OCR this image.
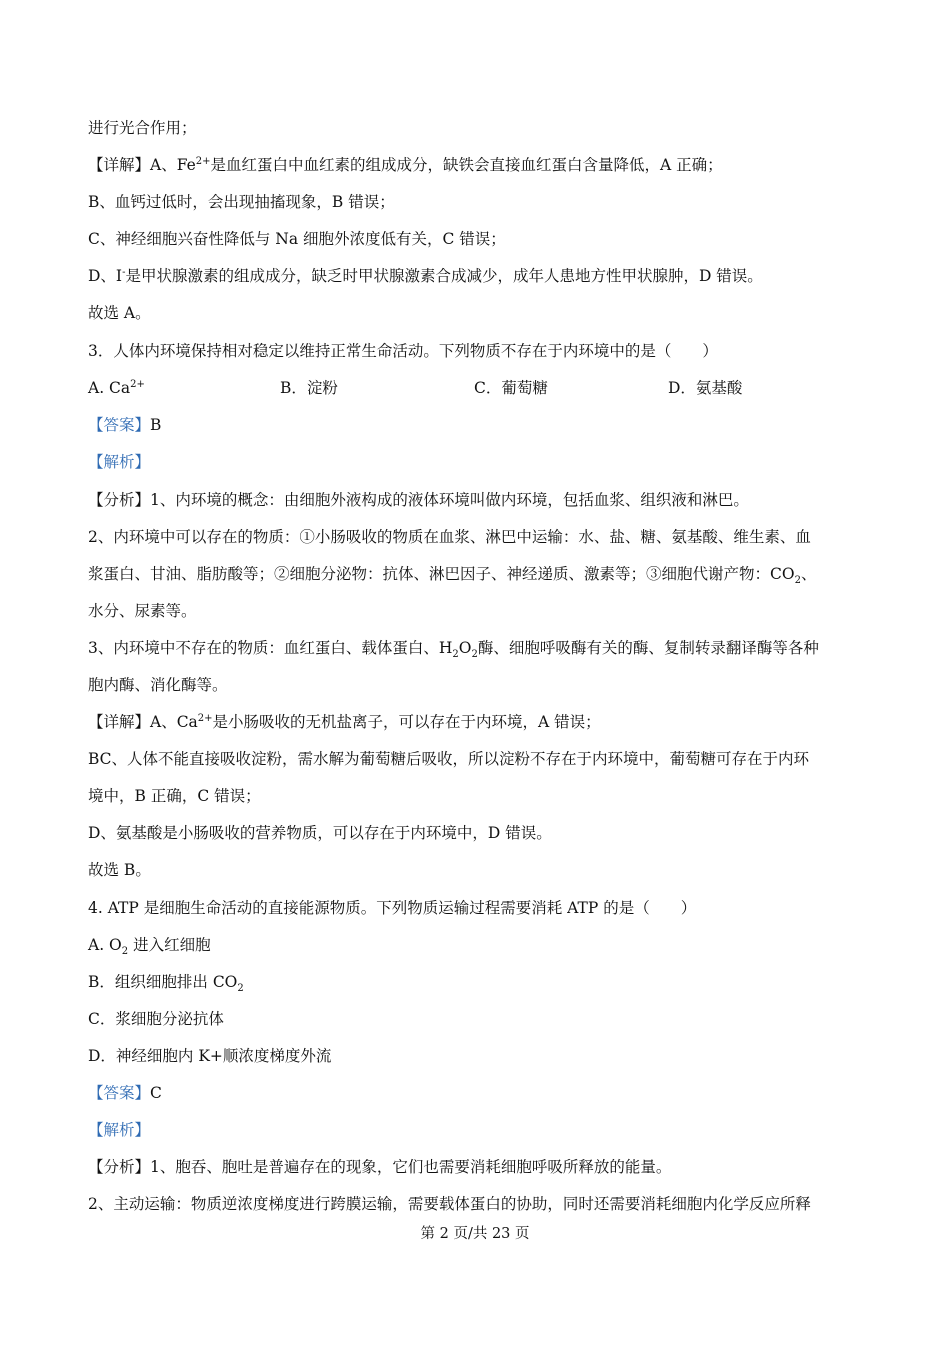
进行光合作用；
【详解】A、$Fe^{2+}$是血红蛋白中血红素的组成成分，缺铁会直接血红蛋白含量降低，A 正确；
B、血钙过低时，会出现抽搐现象，B 错误；
C、神经细胞兴奋性降低与 Na 细胞外浓度低有关，C 错误；
D、I-是甲状腺激素的组成成分，缺乏时甲状腺激素合成减少，成年人患地方性甲状腺肿，D 错误。
故选 A。
3．人体内环境保持相对稳定以维持正常生命活动。下列物质不存在于内环境中的是（　　）
A. $Ca^{2+}$	B．淀粉	C．葡萄糖	D．氨基酸
【答案】B
【解析】
【分析】1、内环境的概念：由细胞外液构成的液体环境叫做内环境，包括血浆、组织液和淋巴。
2、内环境中可以存在的物质：①小肠吸收的物质在血浆、淋巴中运输：水、盐、糖、氨基酸、维生素、血
浆蛋白、甘油、脂肪酸等；②细胞分泌物：抗体、淋巴因子、神经递质、激素等；③细胞代谢产物：$CO_2$、
水分、尿素等。
3、内环境中不存在的物质：血红蛋白、载体蛋白、$H_2O_2$酶、细胞呼吸酶有关的酶、复制转录翻译酶等各种
胞内酶、消化酶等。
【详解】A、$Ca^{2+}$是小肠吸收的无机盐离子，可以存在于内环境，A 错误；
BC、人体不能直接吸收淀粉，需水解为葡萄糖后吸收，所以淀粉不存在于内环境中，葡萄糖可存在于内环
境中，B 正确，C 错误；
D、氨基酸是小肠吸收的营养物质，可以存在于内环境中，D 错误。
故选 B。
4. ATP 是细胞生命活动的直接能源物质。下列物质运输过程需要消耗 ATP 的是（　　）
A. $O_2$ 进入红细胞
B．组织细胞排出 $CO_2$
C．浆细胞分泌抗体
D．神经细胞内 K+顺浓度梯度外流
【答案】C
【解析】
【分析】1、胞吞、胞吐是普遍存在的现象，它们也需要消耗细胞呼吸所释放的能量。
2、主动运输：物质逆浓度梯度进行跨膜运输，需要载体蛋白的协助，同时还需要消耗细胞内化学反应所释
第 2 页/共 23 页
